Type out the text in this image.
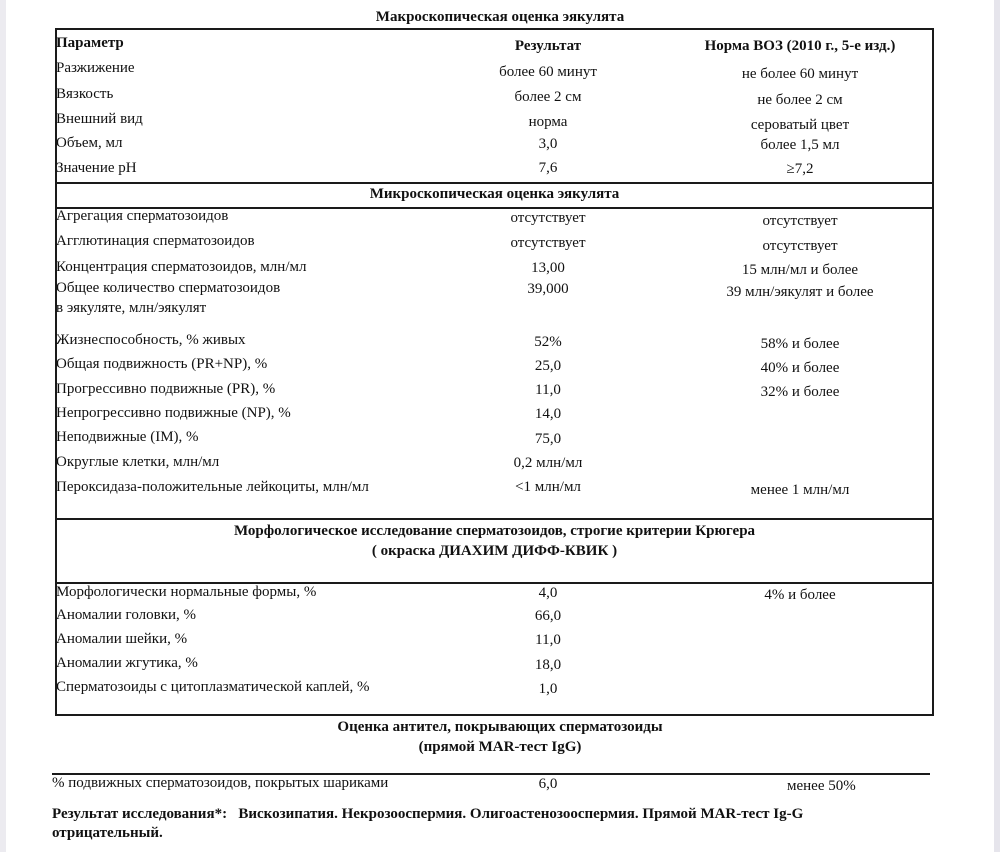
Макроскопическая оценка эякулята
Параметр	Результат	Норма ВОЗ (2010 г., 5-е изд.)
Разжижение	более 60 минут	не более 60 минут
Вязкость	более 2 см	не более 2 см
Внешний вид	норма	сероватый цвет
Объем, мл	3,0	более 1,5 мл
Значение pH	7,6	≥7,2
Микроскопическая оценка эякулята
Агрегация сперматозоидов	отсутствует	отсутствует
Агглютинация сперматозоидов	отсутствует	отсутствует
Концентрация сперматозоидов, млн/мл	13,00	15 млн/мл и более
Общее количество сперматозоидов
в эякуляте, млн/эякулят
39,000	39 млн/эякулят и более
Жизнеспособность, % живых	52%	58% и более
Общая подвижность (PR+NP), %	25,0	40% и более
Прогрессивно подвижные (PR), %	11,0	32% и более
Непрогрессивно подвижные (NP), %	14,0
Неподвижные (IM), %	75,0
Округлые клетки, млн/мл	0,2 млн/мл
Пероксидаза-положительные лейкоциты, млн/мл	<1 млн/мл	менее 1 млн/мл
Морфологическое исследование сперматозоидов, строгие критерии Крюгера
( окраска ДИАХИМ ДИФФ-КВИК )
Морфологически нормальные формы, %	4,0	4% и более
Аномалии головки, %	66,0
Аномалии шейки, %	11,0
Аномалии жгутика, %	18,0
Сперматозоиды с цитоплазматической каплей, %	1,0
Оценка антител, покрывающих сперматозоиды
(прямой MAR-тест IgG)
% подвижных сперматозоидов, покрытых шариками	6,0	менее 50%
Результат исследования*: Вискозипатия. Некрозооспермия. Олигоастенозооспермия. Прямой MAR-тест Ig-G
отрицательный.
